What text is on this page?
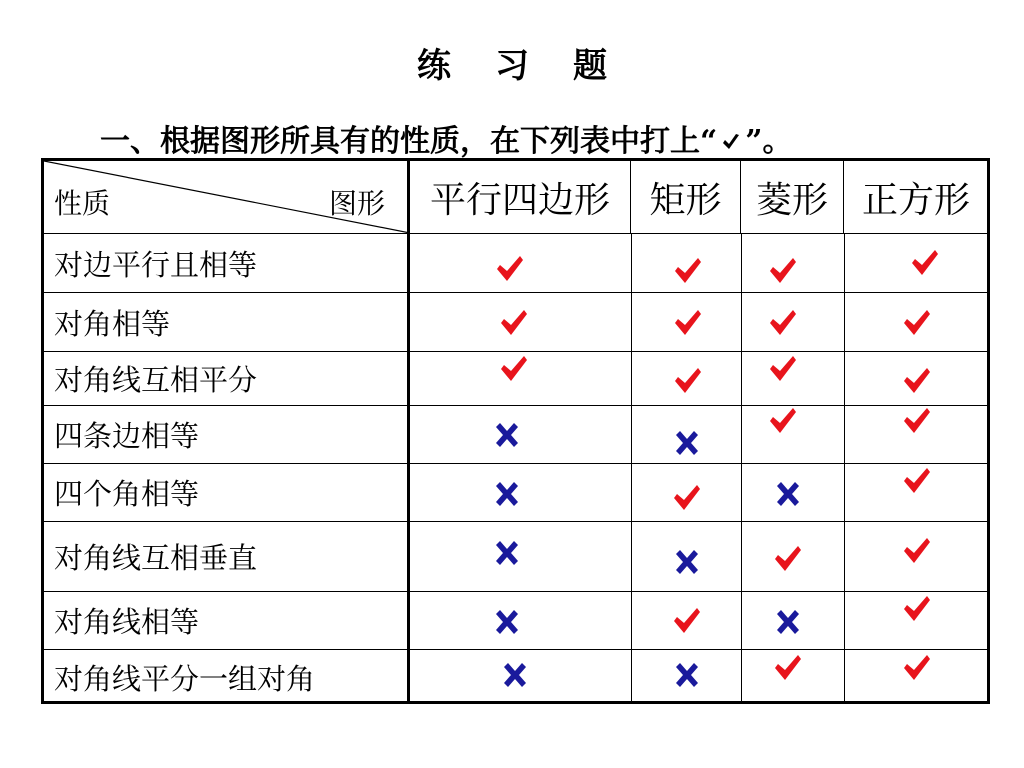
练 习 题
一、根据图形所具有的性质，在下列表中打上“ ”。
性质	图形
对边平行且相等
对角相等
对角线互相平分
四条边相等
四个角相等
对角线互相垂直
对角线相等
对角线平分一组对角
平行四边形	矩形 菱形 正方形
